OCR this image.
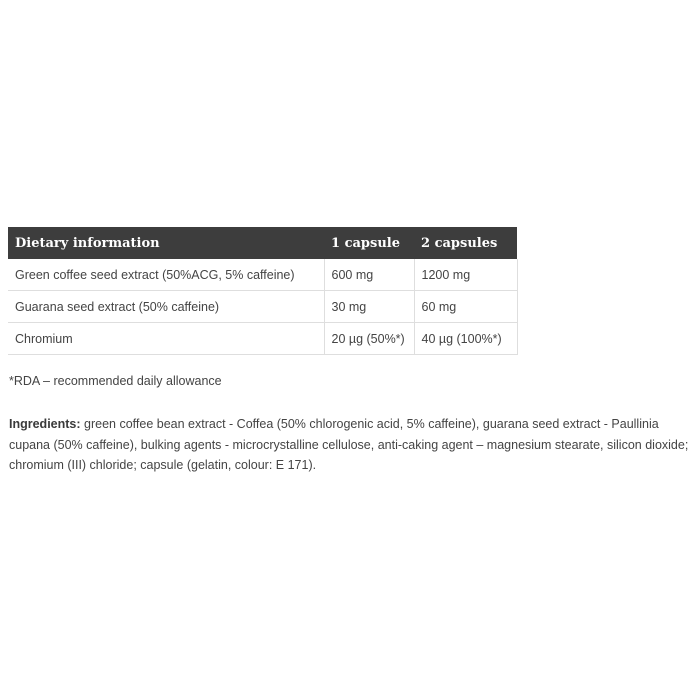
Dietary information	1 capsule	2 capsules
Green coffee seed extract (50%ACG, 5% caffeine)	600 mg	1200 mg
Guarana seed extract (50% caffeine)	30 mg	60 mg
Chromium	20 µg (50%*)	40 µg (100%*)

*RDA – recommended daily allowance

Ingredients: green coffee bean extract - Coffea (50% chlorogenic acid, 5% caffeine), guarana seed extract - Paullinia cupana (50% caffeine), bulking agents - microcrystalline cellulose, anti-caking agent – magnesium stearate, silicon dioxide; chromium (III) chloride; capsule (gelatin, colour: E 171).
